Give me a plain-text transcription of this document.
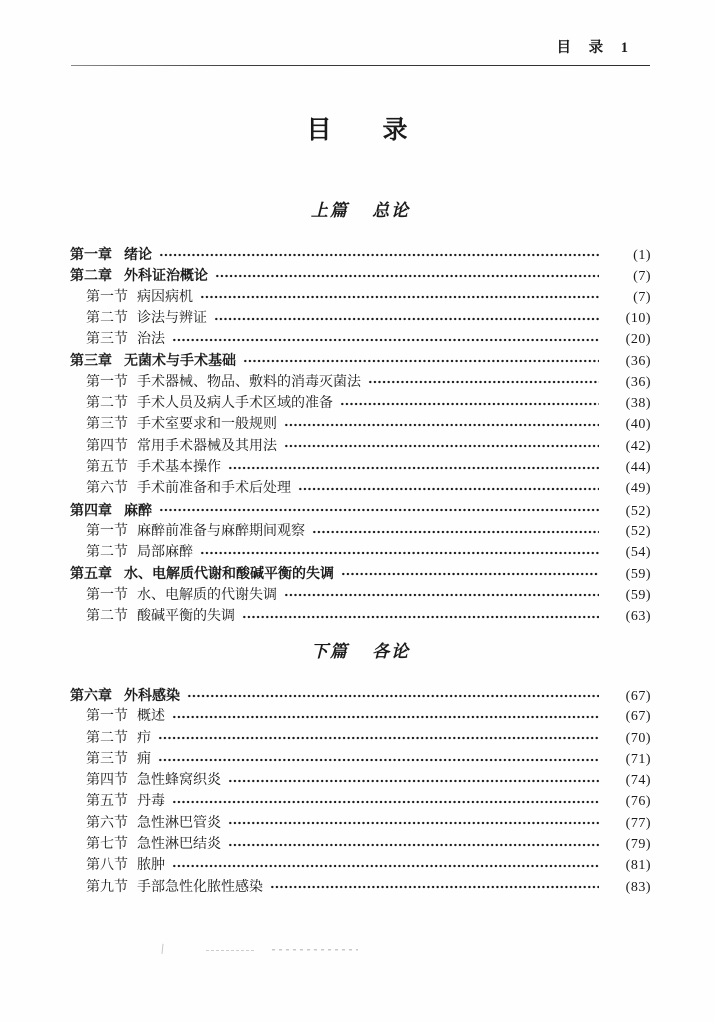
目 录 1
目 录
上篇 总论
第一章 绪论	(1)
第二章 外科证治概论	(7)
第一节 病因病机	(7)
第二节 诊法与辨证	(10)
第三节 治法	(20)
第三章 无菌术与手术基础	(36)
第一节 手术器械、物品、敷料的消毒灭菌法	(36)
第二节 手术人员及病人手术区域的准备	(38)
第三节 手术室要求和一般规则	(40)
第四节 常用手术器械及其用法	(42)
第五节 手术基本操作	(44)
第六节 手术前准备和手术后处理	(49)
第四章 麻醉	(52)
第一节 麻醉前准备与麻醉期间观察	(52)
第二节 局部麻醉	(54)
第五章 水、电解质代谢和酸碱平衡的失调	(59)
第一节 水、电解质的代谢失调	(59)
第二节 酸碱平衡的失调	(63)
下篇 各论
第六章 外科感染	(67)
第一节 概述	(67)
第二节 疖	(70)
第三节 痈	(71)
第四节 急性蜂窝织炎	(74)
第五节 丹毒	(76)
第六节 急性淋巴管炎	(77)
第七节 急性淋巴结炎	(79)
第八节 脓肿	(81)
第九节 手部急性化脓性感染	(83)
